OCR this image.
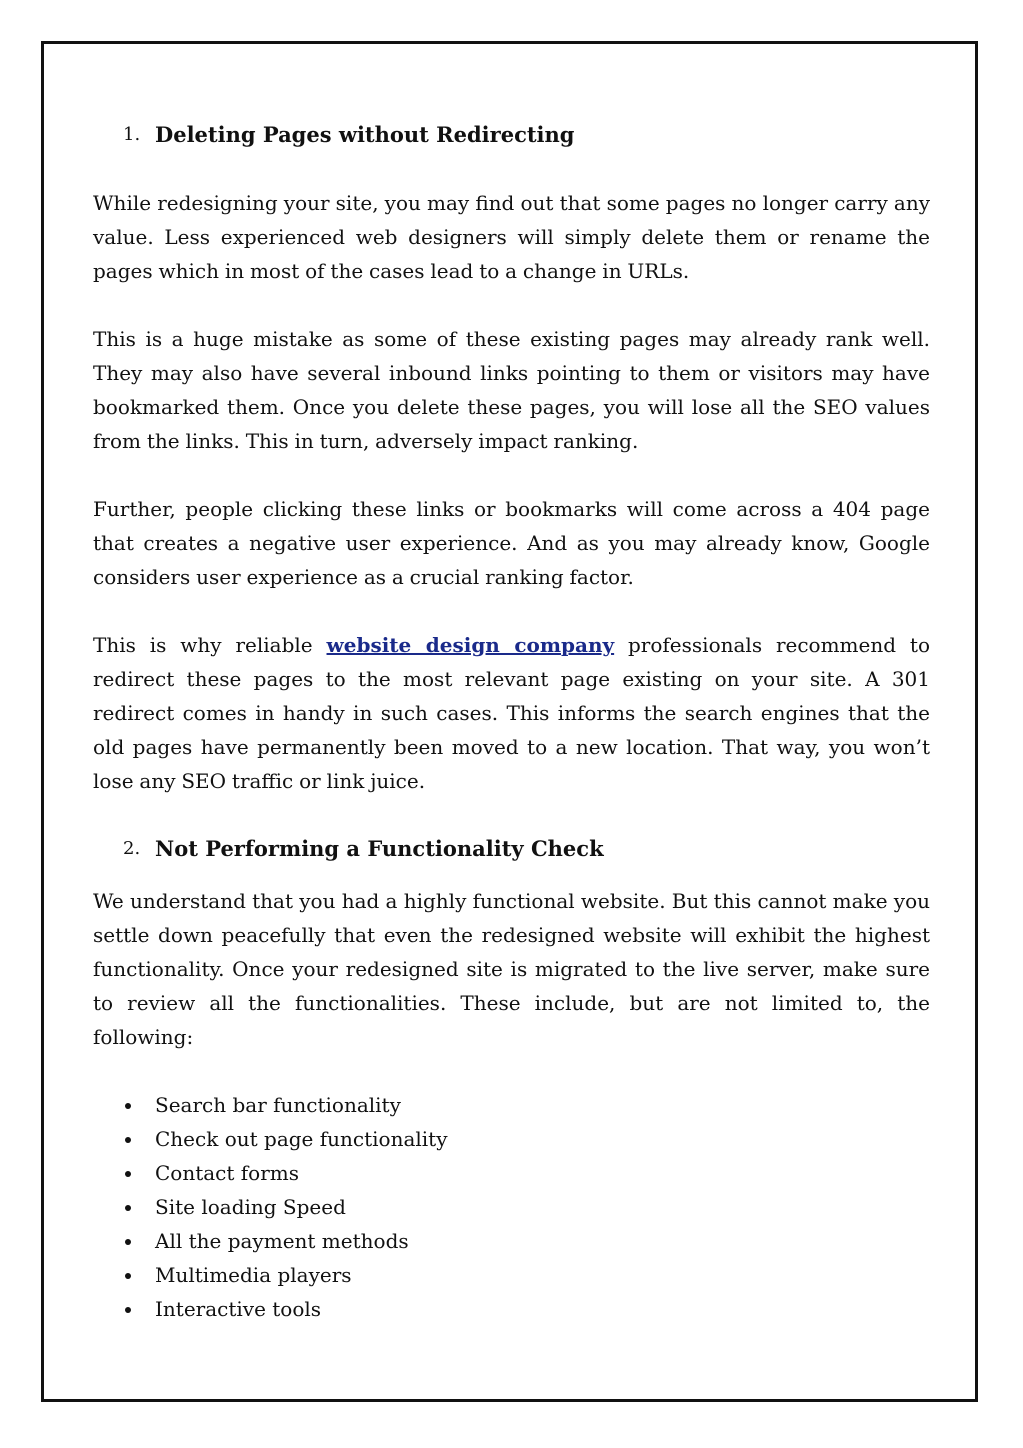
1. Deleting Pages without Redirecting

While redesigning your site, you may find out that some pages no longer carry any value. Less experienced web designers will simply delete them or rename the pages which in most of the cases lead to a change in URLs.

This is a huge mistake as some of these existing pages may already rank well. They may also have several inbound links pointing to them or visitors may have bookmarked them. Once you delete these pages, you will lose all the SEO values from the links. This in turn, adversely impact ranking.

Further, people clicking these links or bookmarks will come across a 404 page that creates a negative user experience. And as you may already know, Google considers user experience as a crucial ranking factor.

This is why reliable website design company professionals recommend to redirect these pages to the most relevant page existing on your site. A 301 redirect comes in handy in such cases. This informs the search engines that the old pages have permanently been moved to a new location. That way, you won’t lose any SEO traffic or link juice.

2. Not Performing a Functionality Check

We understand that you had a highly functional website. But this cannot make you settle down peacefully that even the redesigned website will exhibit the highest functionality. Once your redesigned site is migrated to the live server, make sure to review all the functionalities. These include, but are not limited to, the following:

Search bar functionality
Check out page functionality
Contact forms
Site loading Speed
All the payment methods
Multimedia players
Interactive tools
